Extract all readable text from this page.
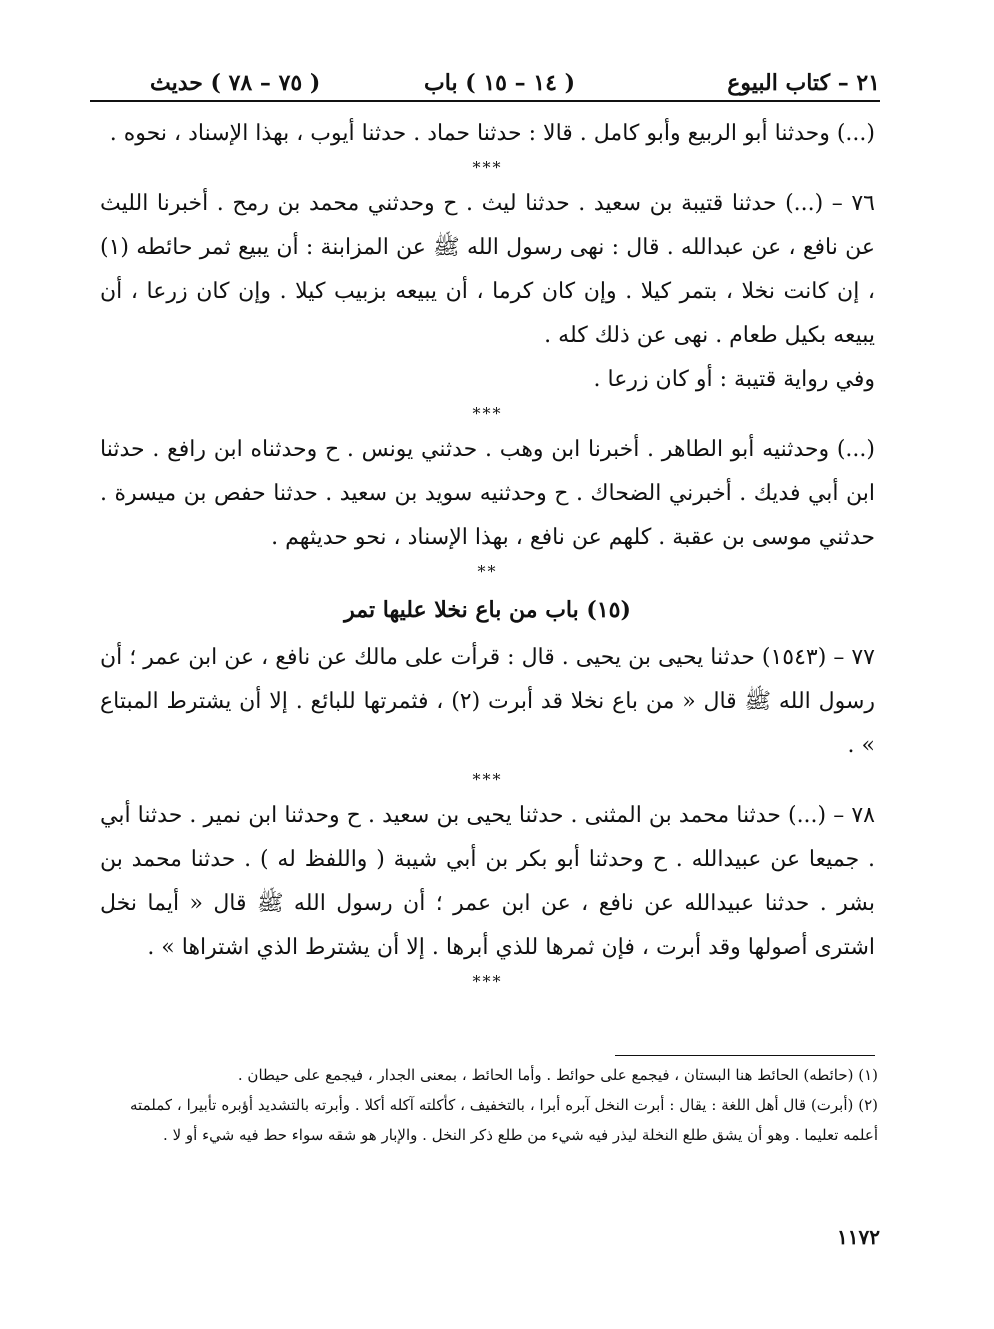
٢١ – كتاب البيوع
( ١٤ – ١٥ ) باب
( ٧٥ – ٧٨ ) حديث

(...) وحدثنا أبو الربيع وأبو كامل . قالا : حدثنا حماد . حدثنا أيوب ، بهذا الإسناد ، نحوه .

***

٧٦ – (...) حدثنا قتيبة بن سعيد . حدثنا ليث . ح وحدثني محمد بن رمح . أخبرنا الليث عن نافع ، عن عبدالله . قال : نهى رسول الله ﷺ عن المزابنة : أن يبيع ثمر حائطه (١) ، إن كانت نخلا ، بتمر كيلا . وإن كان كرما ، أن يبيعه بزبيب كيلا . وإن كان زرعا ، أن يبيعه بكيل طعام . نهى عن ذلك كله .

وفي رواية قتيبة : أو كان زرعا .

***

(...) وحدثنيه أبو الطاهر . أخبرنا ابن وهب . حدثني يونس . ح وحدثناه ابن رافع . حدثنا ابن أبي فديك . أخبرني الضحاك . ح وحدثنيه سويد بن سعيد . حدثنا حفص بن ميسرة . حدثني موسى بن عقبة . كلهم عن نافع ، بهذا الإسناد ، نحو حديثهم .

**
(١٥) باب من باع نخلا عليها تمر

٧٧ – (١٥٤٣) حدثنا يحيى بن يحيى . قال : قرأت على مالك عن نافع ، عن ابن عمر ؛ أن رسول الله ﷺ قال « من باع نخلا قد أبرت (٢) ، فثمرتها للبائع . إلا أن يشترط المبتاع » .

***

٧٨ – (...) حدثنا محمد بن المثنى . حدثنا يحيى بن سعيد . ح وحدثنا ابن نمير . حدثنا أبي . جميعا عن عبيدالله . ح وحدثنا أبو بكر بن أبي شيبة ( واللفظ له ) . حدثنا محمد بن بشر . حدثنا عبيدالله عن نافع ، عن ابن عمر ؛ أن رسول الله ﷺ قال « أيما نخل اشترى أصولها وقد أبرت ، فإن ثمرها للذي أبرها . إلا أن يشترط الذي اشتراها » .

***

(١) (حائطه) الحائط هنا البستان ، فيجمع على حوائط . وأما الحائط ، بمعنى الجدار ، فيجمع على حيطان .

(٢) (أبرت) قال أهل اللغة : يقال : أبرت النخل آبره أبرا ، بالتخفيف ، كأكلته آكله أكلا . وأبرته بالتشديد أؤبره تأبيرا ، كملمته أعلمه تعليما . وهو أن يشق طلع النخلة ليذر فيه شيء من طلع ذكر النخل . والإبار هو شقه سواء حط فيه شيء أو لا .

١١٧٢
